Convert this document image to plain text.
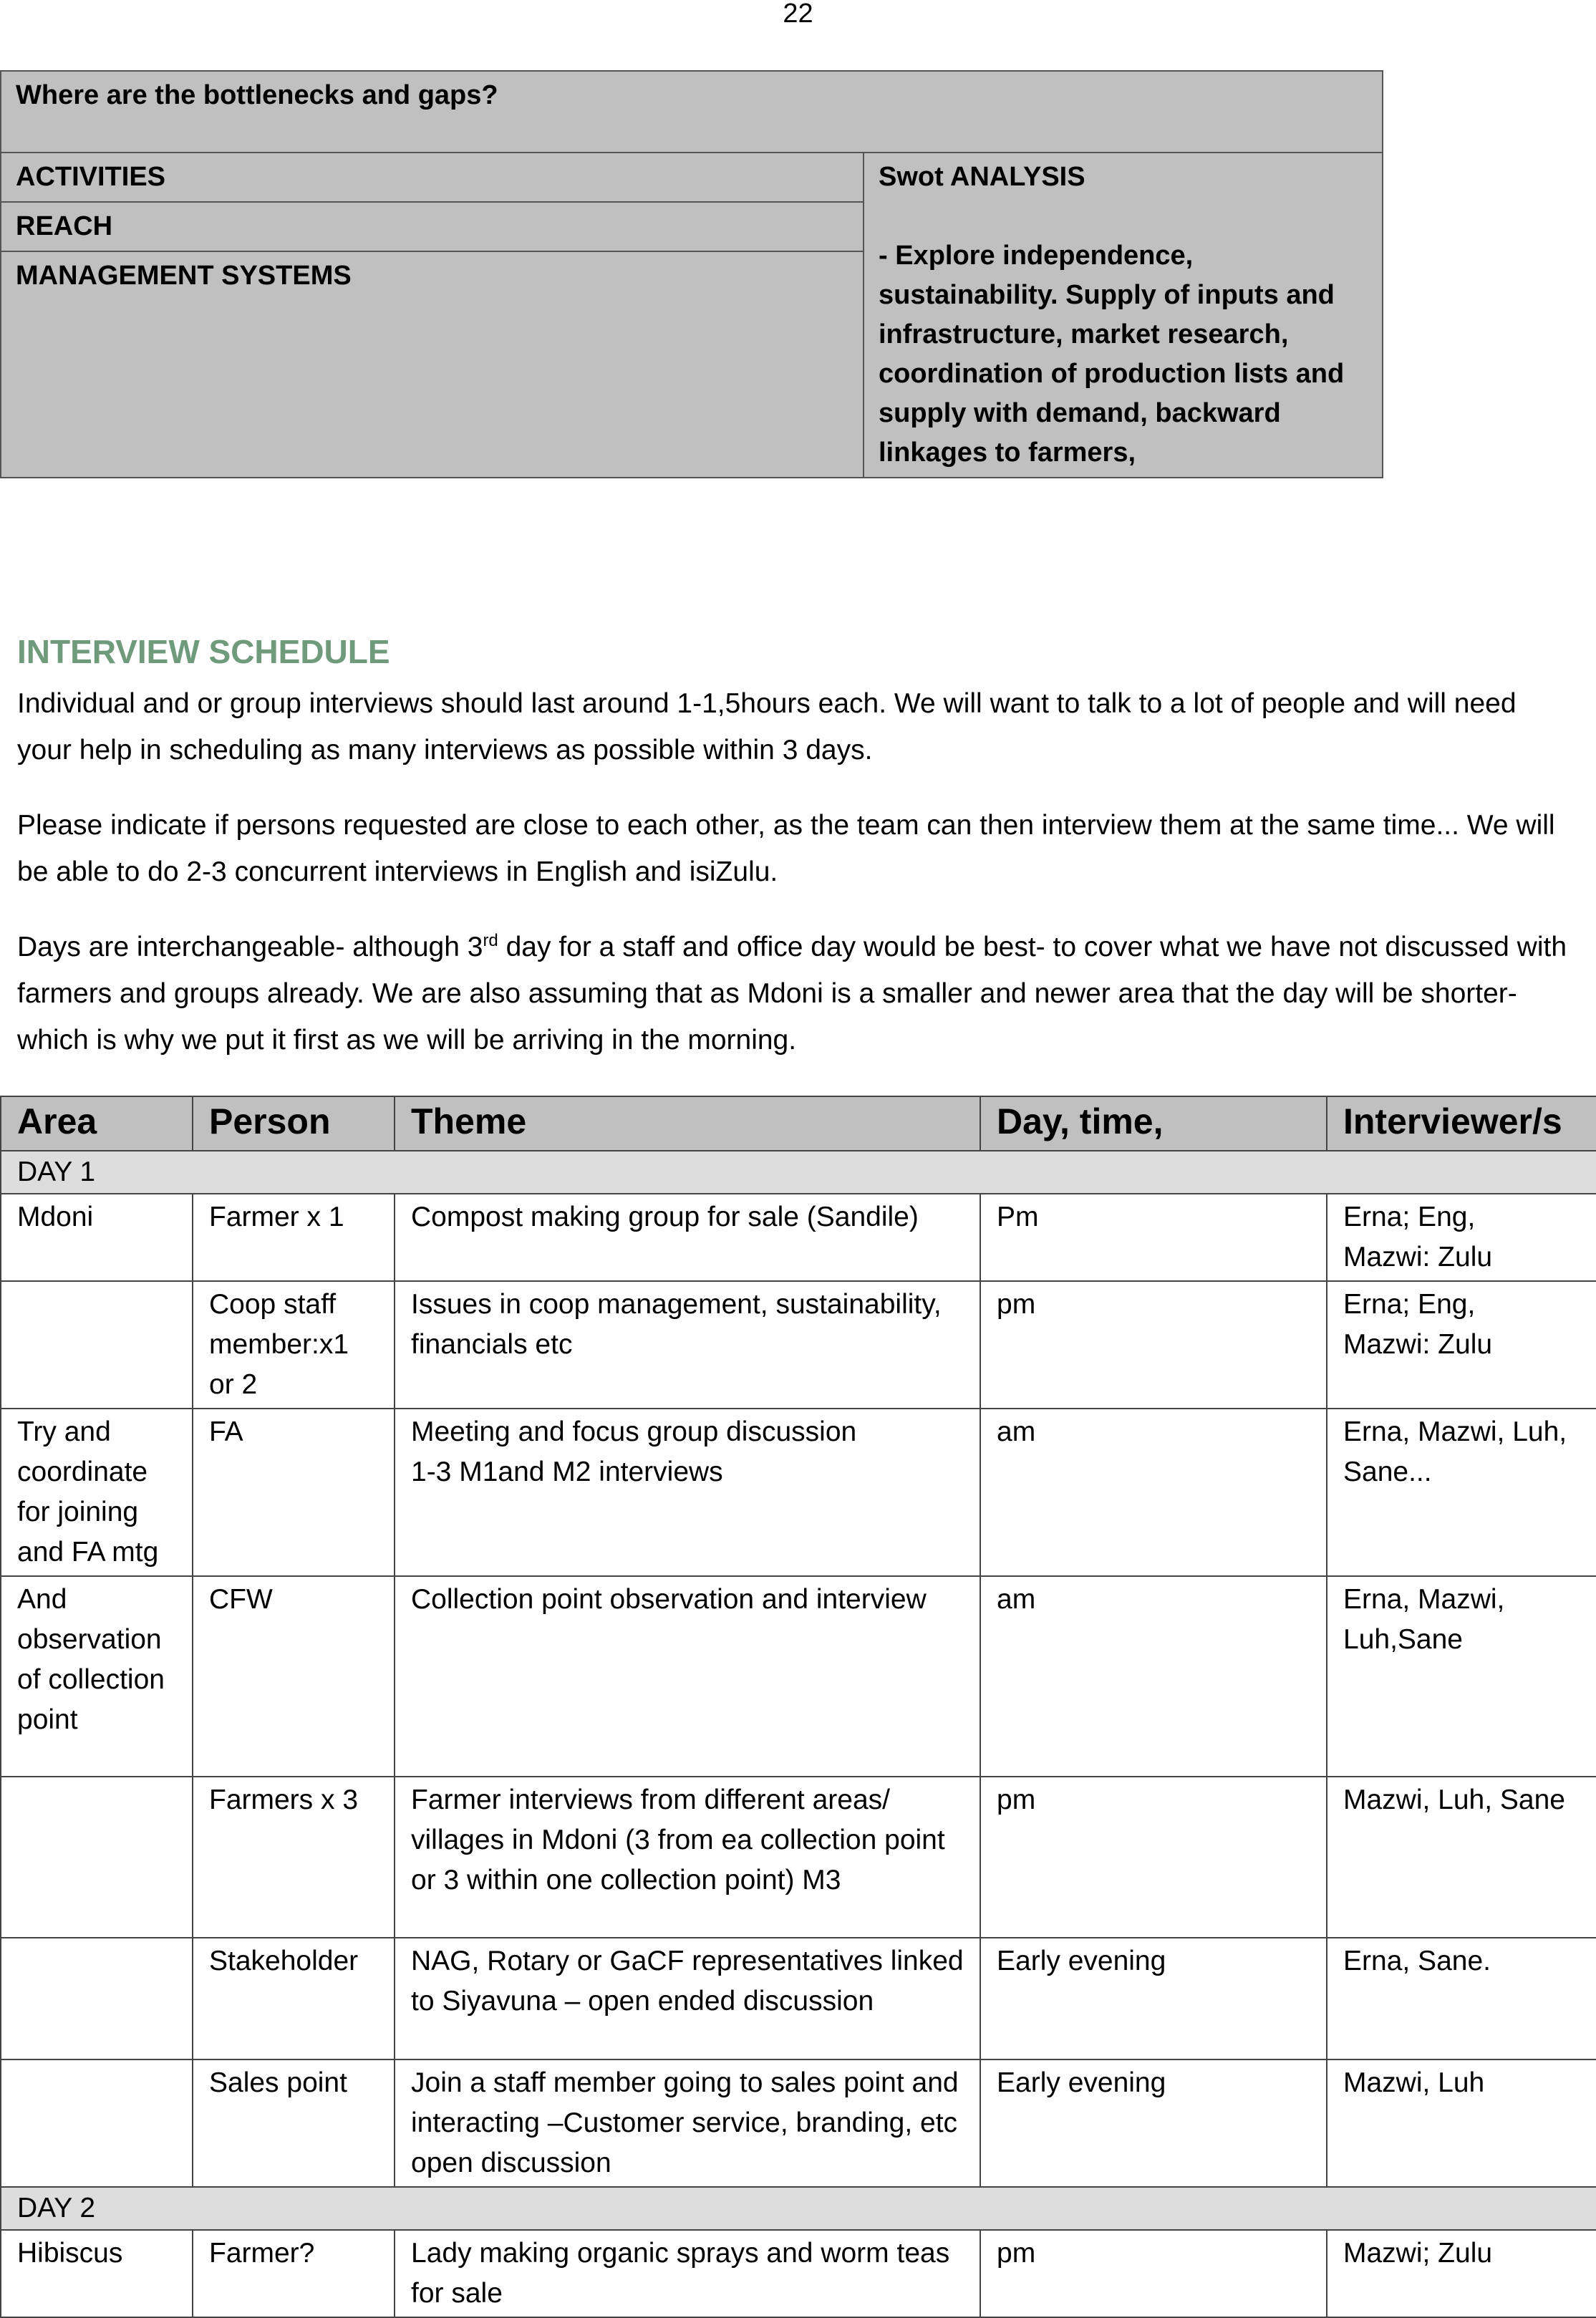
22
Where are the bottlenecks and gaps?
ACTIVITIES	Swot ANALYSIS
- Explore independence, sustainability. Supply of inputs and infrastructure, market research, coordination of production lists and supply with demand, backward linkages to farmers,

REACH
MANAGEMENT SYSTEMS
INTERVIEW SCHEDULE

Individual and or group interviews should last around 1-1,5hours each. We will want to talk to a lot of people and will need your help in scheduling as many interviews as possible within 3 days.

Please indicate if persons requested are close to each other, as the team can then interview them at the same time... We will be able to do 2-3 concurrent interviews in English and isiZulu.

Days are interchangeable- although 3rd day for a staff and office day would be best- to cover what we have not discussed with farmers and groups already. We are also assuming that as Mdoni is a smaller and newer area that the day will be shorter- which is why we put it first as we will be arriving in the morning.

Area	Person	Theme	Day, time,	Interviewer/s
DAY 1				
Mdoni	Farmer x 1	Compost making group for sale (Sandile)	Pm	Erna; Eng,
Mazwi: Zulu
	Coop staff member:x1 or 2	Issues in coop management, sustainability, financials etc	pm	Erna; Eng,
Mazwi: Zulu
Try and coordinate for joining and FA mtg	FA	Meeting and focus group discussion
1-3 M1and M2 interviews	am	Erna, Mazwi, Luh, Sane...
And observation of collection point	CFW	Collection point observation and interview	am	Erna, Mazwi, Luh,Sane
	Farmers x 3	Farmer interviews from different areas/ villages in Mdoni (3 from ea collection point or 3 within one collection point) M3	pm	Mazwi, Luh, Sane
	Stakeholder	NAG, Rotary or GaCF representatives linked to Siyavuna – open ended discussion	Early evening	Erna, Sane.
	Sales point	Join a staff member going to sales point and interacting –Customer service, branding, etc open discussion	Early evening	Mazwi, Luh
DAY 2				
Hibiscus	Farmer?	Lady making organic sprays and worm teas for sale	pm	Mazwi; Zulu
